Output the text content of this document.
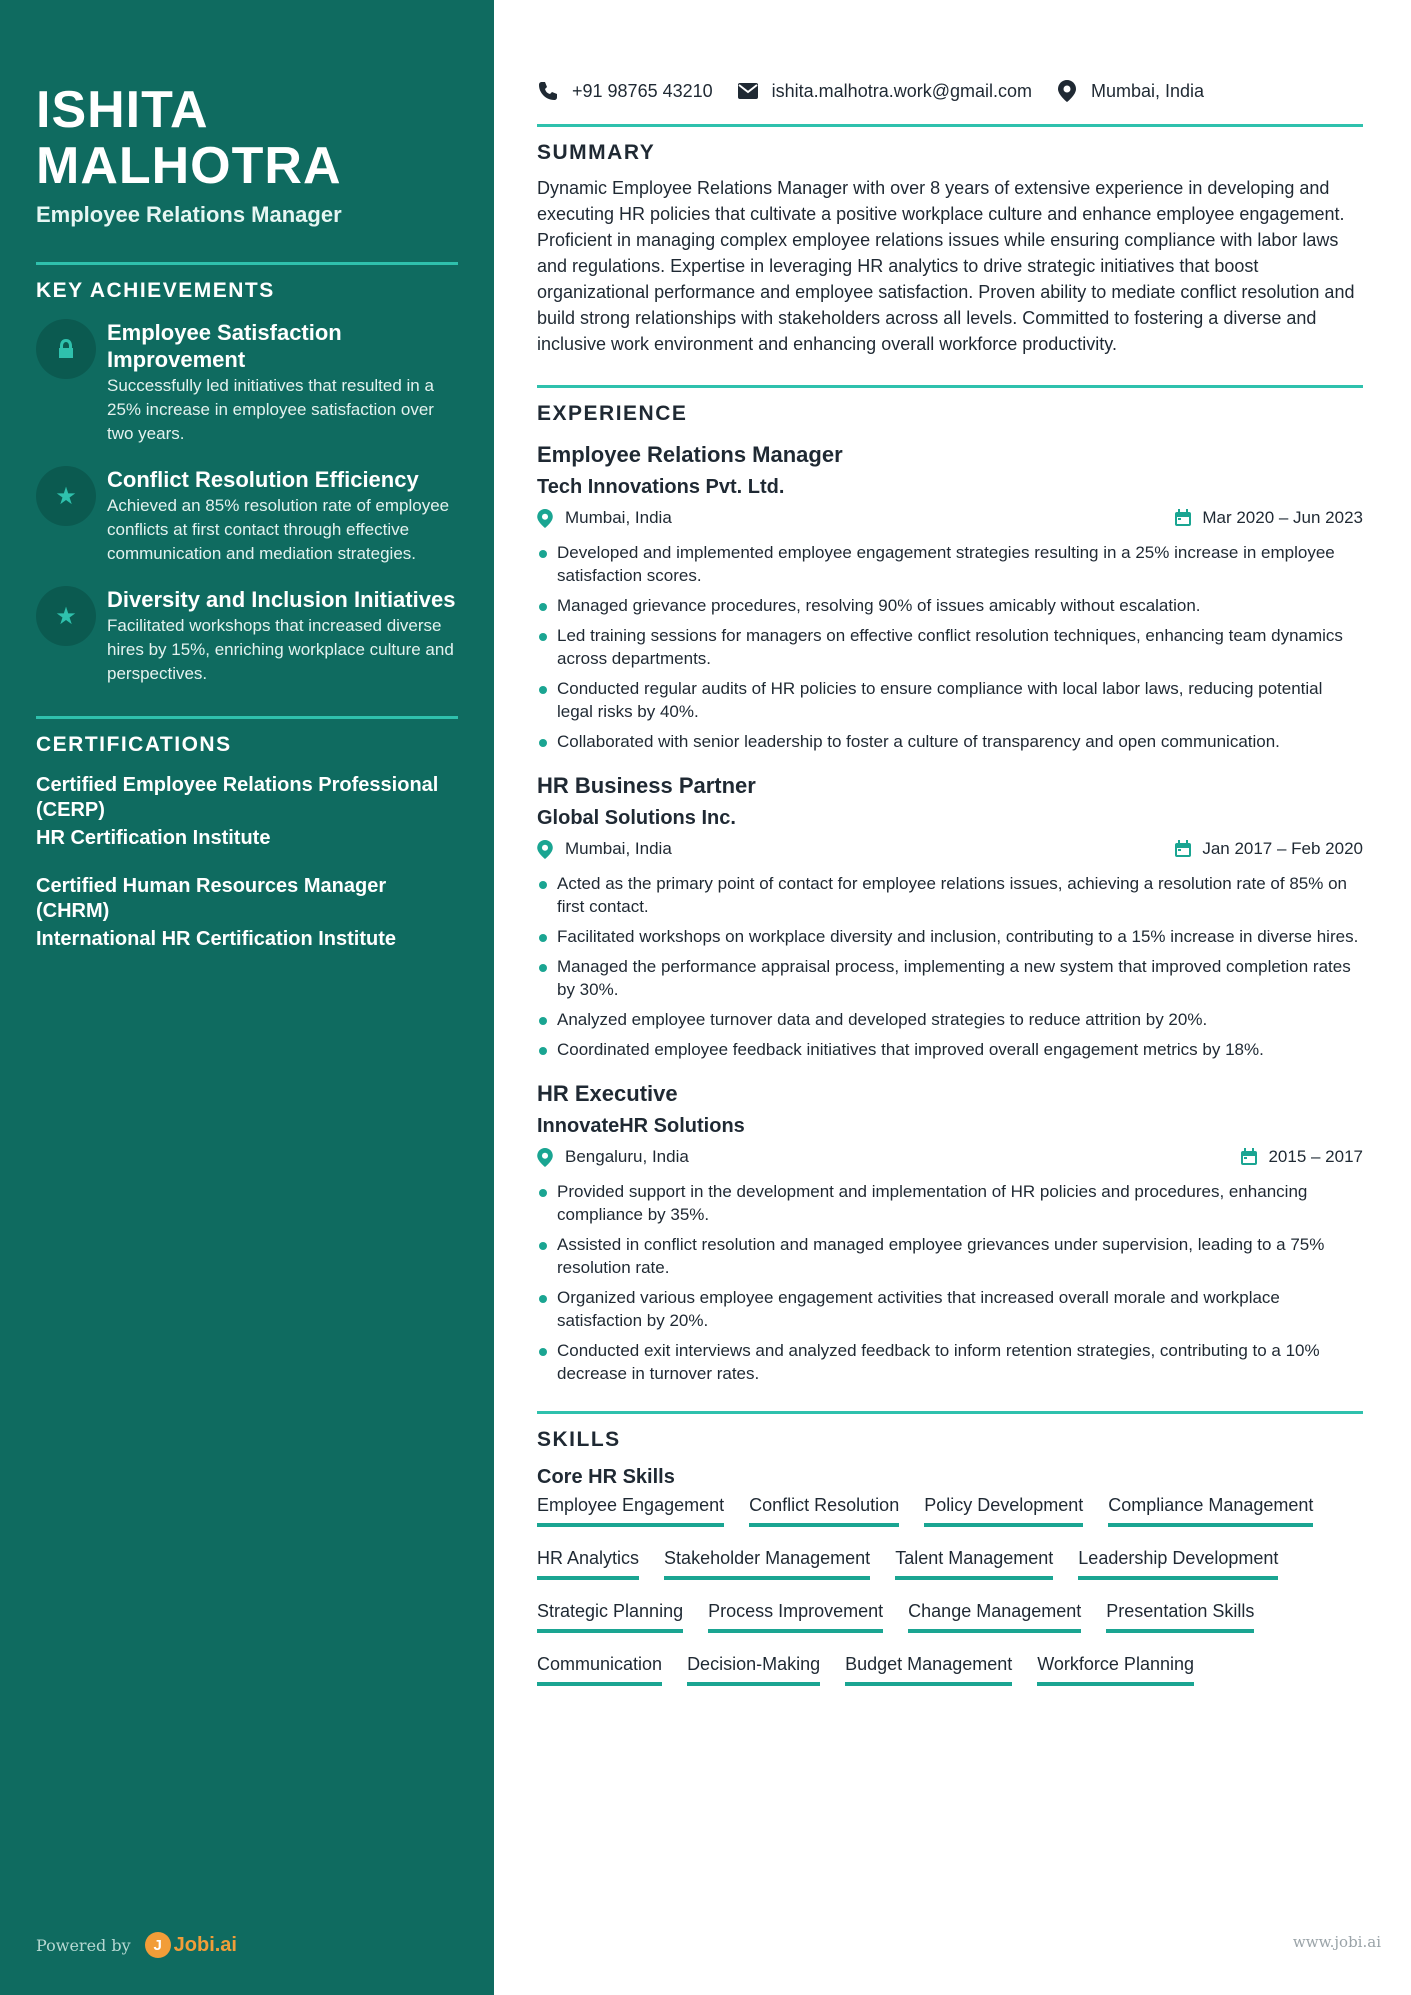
ISHITA
MALHOTRA
Employee Relations Manager
KEY ACHIEVEMENTS
Employee Satisfaction Improvement
Successfully led initiatives that resulted in a 25% increase in employee satisfaction over two years.
★
Conflict Resolution Efficiency
Achieved an 85% resolution rate of employee conflicts at first contact through effective communication and mediation strategies.
★
Diversity and Inclusion Initiatives
Facilitated workshops that increased diverse hires by 15%, enriching workplace culture and perspectives.
CERTIFICATIONS
Certified Employee Relations Professional (CERP)
HR Certification Institute
Certified Human Resources Manager (CHRM)
International HR Certification Institute
Powered by	J Jobi.ai
+91 98765 43210	ishita.malhotra.work@gmail.com	Mumbai, India
SUMMARY

Dynamic Employee Relations Manager with over 8 years of extensive experience in developing and executing HR policies that cultivate a positive workplace culture and enhance employee engagement. Proficient in managing complex employee relations issues while ensuring compliance with labor laws and regulations. Expertise in leveraging HR analytics to drive strategic initiatives that boost organizational performance and employee satisfaction. Proven ability to mediate conflict resolution and build strong relationships with stakeholders across all levels. Committed to fostering a diverse and inclusive work environment and enhancing overall workforce productivity.

EXPERIENCE
Employee Relations Manager
Tech Innovations Pvt. Ltd.
Mumbai, India	Mar 2020 – Jun 2023
Developed and implemented employee engagement strategies resulting in a 25% increase in employee satisfaction scores.
Managed grievance procedures, resolving 90% of issues amicably without escalation.
Led training sessions for managers on effective conflict resolution techniques, enhancing team dynamics across departments.
Conducted regular audits of HR policies to ensure compliance with local labor laws, reducing potential legal risks by 40%.
Collaborated with senior leadership to foster a culture of transparency and open communication.
HR Business Partner
Global Solutions Inc.
Mumbai, India	Jan 2017 – Feb 2020
Acted as the primary point of contact for employee relations issues, achieving a resolution rate of 85% on first contact.
Facilitated workshops on workplace diversity and inclusion, contributing to a 15% increase in diverse hires.
Managed the performance appraisal process, implementing a new system that improved completion rates by 30%.
Analyzed employee turnover data and developed strategies to reduce attrition by 20%.
Coordinated employee feedback initiatives that improved overall engagement metrics by 18%.
HR Executive
InnovateHR Solutions
Bengaluru, India	2015 – 2017
Provided support in the development and implementation of HR policies and procedures, enhancing compliance by 35%.
Assisted in conflict resolution and managed employee grievances under supervision, leading to a 75% resolution rate.
Organized various employee engagement activities that increased overall morale and workplace satisfaction by 20%.
Conducted exit interviews and analyzed feedback to inform retention strategies, contributing to a 10% decrease in turnover rates.
SKILLS
Core HR Skills
Employee Engagement Conflict Resolution Policy Development Compliance Management
HR Analytics Stakeholder Management Talent Management Leadership Development
Strategic Planning Process Improvement Change Management Presentation Skills
Communication Decision-Making Budget Management Workforce Planning
www.jobi.ai
